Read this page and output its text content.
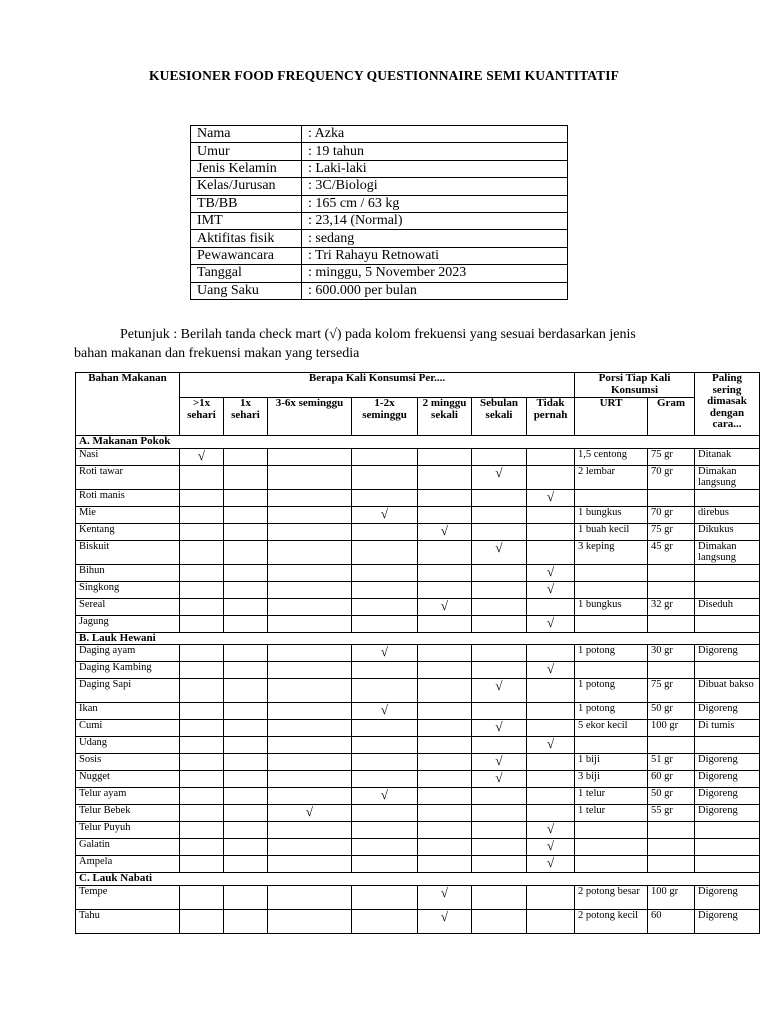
KUESIONER FOOD FREQUENCY QUESTIONNAIRE SEMI KUANTITATIF
Nama	: Azka
Umur	: 19 tahun
Jenis Kelamin	: Laki-laki
Kelas/Jurusan	: 3C/Biologi
TB/BB	: 165 cm / 63 kg
IMT	: 23,14 (Normal)
Aktifitas fisik	: sedang
Pewawancara	: Tri Rahayu Retnowati
Tanggal	: minggu, 5 November 2023
Uang Saku	: 600.000 per bulan

Petunjuk : Berilah tanda check mart (√) pada kolom frekuensi yang sesuai berdasarkan jenis

bahan makanan dan frekuensi makan yang tersedia

Bahan Makanan	Berapa Kali Konsumsi Per....							Porsi Tiap Kali Konsumsi		Paling sering dimasak dengan cara...
	>1x sehari	1x sehari	3-6x seminggu	1-2x seminggu	2 minggu sekali	Sebulan sekali	Tidak pernah	URT	Gram	
A. Makanan Pokok										
Nasi	√							1,5 centong	75 gr	Ditanak
Roti tawar						√		2 lembar	70 gr	Dimakan langsung
Roti manis							√			
Mie				√				1 bungkus	70 gr	direbus
Kentang					√			1 buah kecil	75 gr	Dikukus
Biskuit						√		3 keping	45 gr	Dimakan langsung
Bihun							√			
Singkong							√			
Sereal					√			1 bungkus	32 gr	Diseduh
Jagung							√			
B. Lauk Hewani										
Daging ayam				√				1 potong	30 gr	Digoreng
Daging Kambing							√			
Daging Sapi						√		1 potong	75 gr	Dibuat bakso
Ikan				√				1 potong	50 gr	Digoreng
Cumi						√		5 ekor kecil	100 gr	Di tumis
Udang							√			
Sosis						√		1 biji	51 gr	Digoreng
Nugget						√		3 biji	60 gr	Digoreng
Telur ayam				√				1 telur	50 gr	Digoreng
Telur Bebek			√					1 telur	55 gr	Digoreng
Telur Puyuh							√			
Galatin							√			
Ampela							√			
C. Lauk Nabati										
Tempe					√			2 potong besar	100 gr	Digoreng
Tahu					√			2 potong kecil	60	Digoreng
